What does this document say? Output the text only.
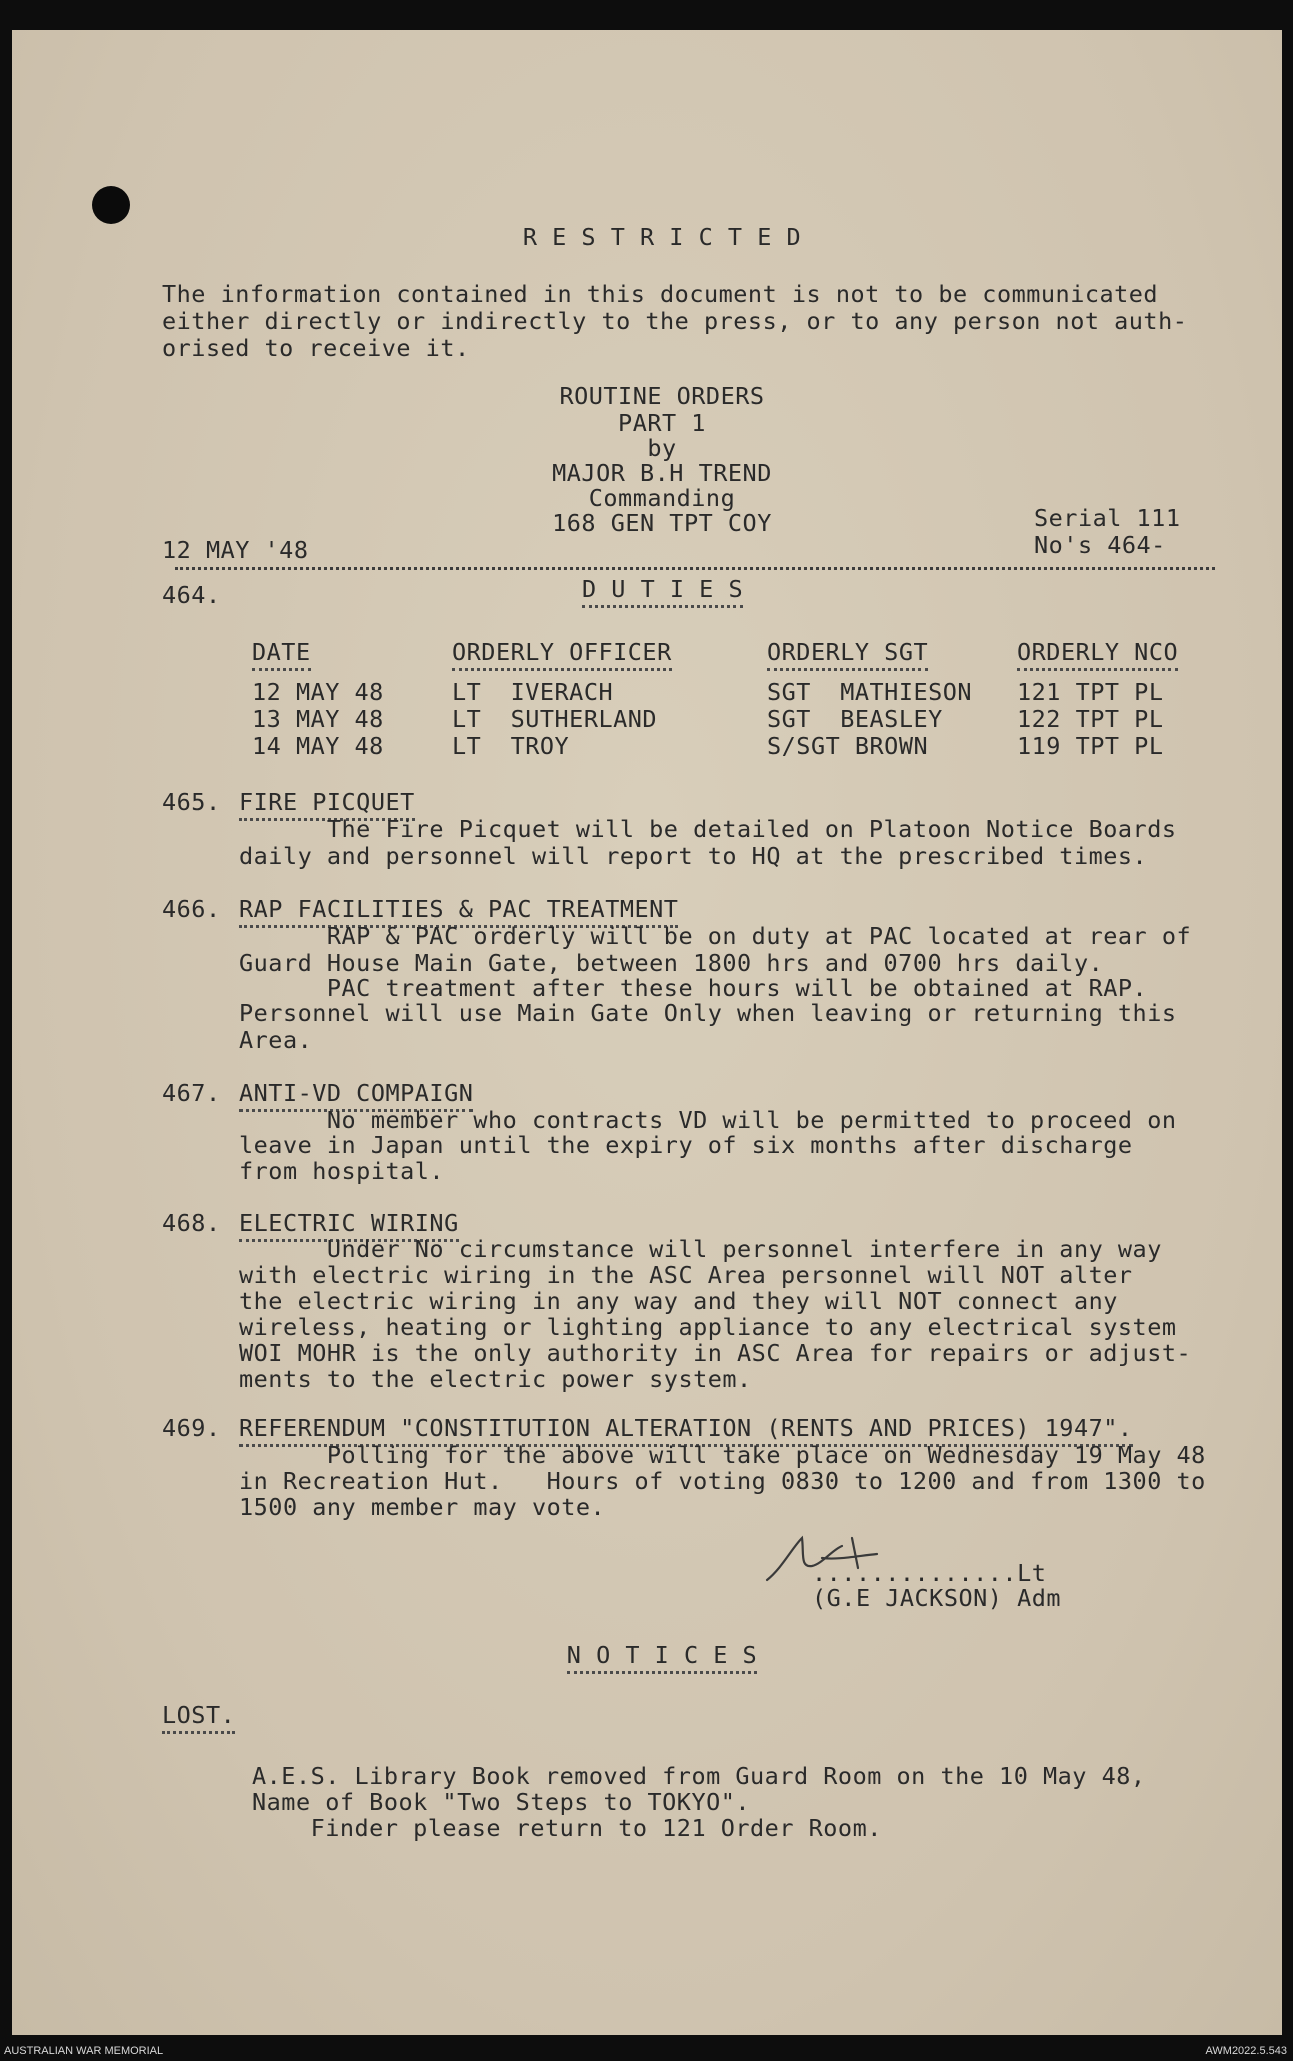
R E S T R I C T E D

The information contained in this document is not to be communicated

either directly or indirectly to the press, or to any person not auth-

orised to receive it.

ROUTINE ORDERS

PART 1

by

MAJOR B.H TREND

Commanding

168 GEN TPT COY	Serial 111

12 MAY '48	No's 464-

464.	D U T I E S

DATE	ORDERLY OFFICER	ORDERLY SGT	ORDERLY NCO

12 MAY 48	LT  IVERACH	SGT  MATHIESON 121 TPT PL

13 MAY 48	LT  SUTHERLAND	SGT  BEASLEY	122 TPT PL

14 MAY 48	LT  TROY	S/SGT BROWN	119 TPT PL

465. FIRE PICQUET

The Fire Picquet will be detailed on Platoon Notice Boards

daily and personnel will report to HQ at the prescribed times.

466. RAP FACILITIES & PAC TREATMENT

RAP & PAC orderly will be on duty at PAC located at rear of

Guard House Main Gate, between 1800 hrs and 0700 hrs daily.

PAC treatment after these hours will be obtained at RAP.

Personnel will use Main Gate Only when leaving or returning this

Area.

467. ANTI-VD COMPAIGN

No member who contracts VD will be permitted to proceed on

leave in Japan until the expiry of six months after discharge

from hospital.

468. ELECTRIC WIRING

Under No circumstance will personnel interfere in any way

with electric wiring in the ASC Area personnel will NOT alter

the electric wiring in any way and they will NOT connect any

wireless, heating or lighting appliance to any electrical system

WOI MOHR is the only authority in ASC Area for repairs or adjust-

ments to the electric power system.

469. REFERENDUM "CONSTITUTION ALTERATION (RENTS AND PRICES) 1947".

Polling for the above will take place on Wednesday 19 May 48

in Recreation Hut.   Hours of voting 0830 to 1200 and from 1300 to

1500 any member may vote.

..............Lt

(G.E JACKSON) Adm

N O T I C E S

LOST.

A.E.S. Library Book removed from Guard Room on the 10 May 48,

Name of Book "Two Steps to TOKYO".

Finder please return to 121 Order Room.

AUSTRALIAN WAR MEMORIAL	AWM2022.5.543
